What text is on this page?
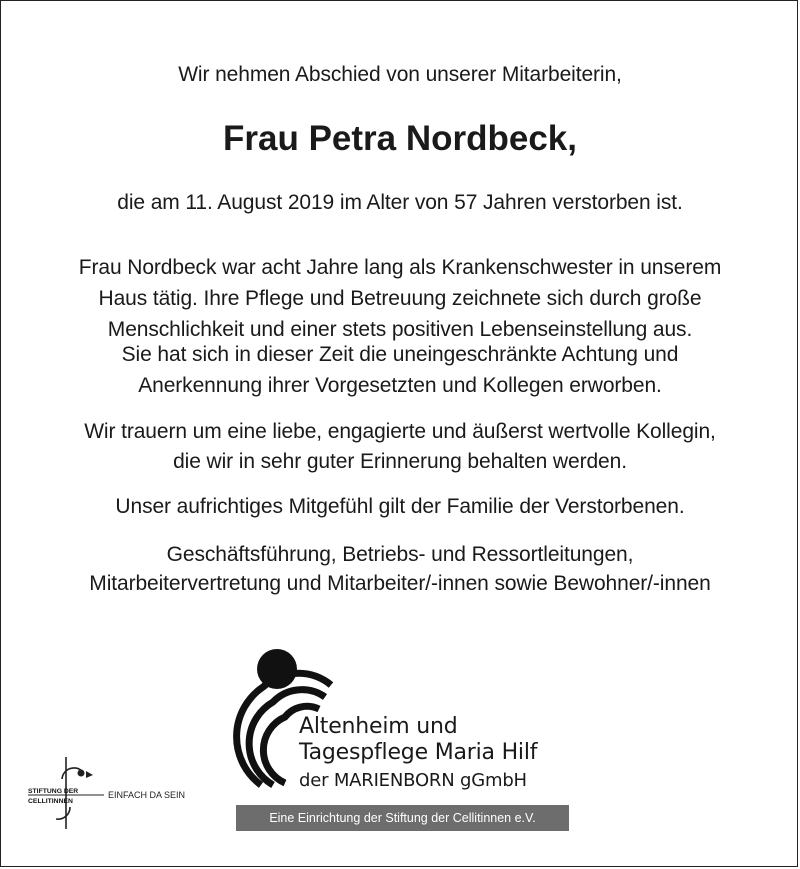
Wir nehmen Abschied von unserer Mitarbeiterin,
Frau Petra Nordbeck,
die am 11. August 2019 im Alter von 57 Jahren verstorben ist.
Frau Nordbeck war acht Jahre lang als Krankenschwester in unserem
Haus tätig. Ihre Pflege und Betreuung zeichnete sich durch große
Menschlichkeit und einer stets positiven Lebenseinstellung aus.
Sie hat sich in dieser Zeit die uneingeschränkte Achtung und
Anerkennung ihrer Vorgesetzten und Kollegen erworben.
Wir trauern um eine liebe, engagierte und äußerst wertvolle Kollegin,
die wir in sehr guter Erinnerung behalten werden.
Unser aufrichtiges Mitgefühl gilt der Familie der Verstorbenen.
Geschäftsführung, Betriebs- und Ressortleitungen,
Mitarbeitervertretung und Mitarbeiter/-innen sowie Bewohner/-innen
Altenheim und
Tagespflege Maria Hilf
der MARIENBORN gGmbH
Eine Einrichtung der Stiftung der Cellitinnen e.V.
STIFTUNG DER
CELLITINNEN
EINFACH DA SEIN
